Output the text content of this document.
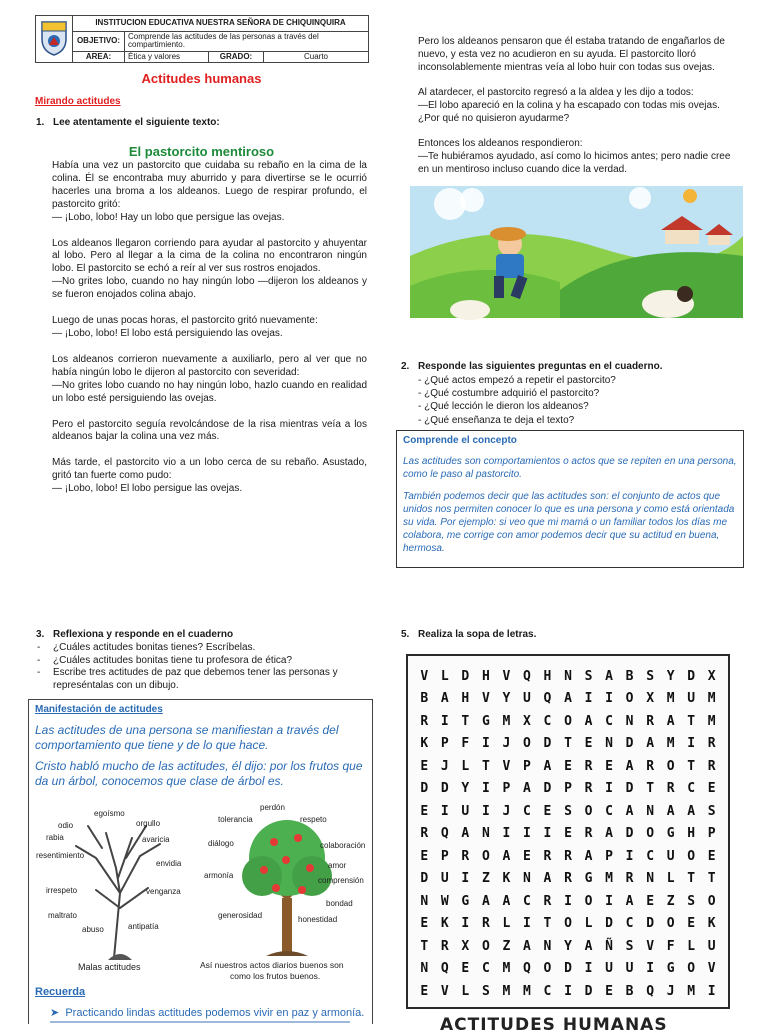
	INSTITUCION EDUCATIVA NUESTRA SEÑORA DE CHIQUINQUIRA			
	OBJETIVO:	Comprende las actitudes de las personas a través del compartimiento.		
	AREA:	Ética y valores	GRADO:	Cuarto
Actitudes humanas
Mirando actitudes
1. Lee atentamente el siguiente texto:
El pastorcito mentiroso

Había una vez un pastorcito que cuidaba su rebaño en la cima de la colina. Él se encontraba muy aburrido y para divertirse se le ocurrió hacerles una broma a los aldeanos. Luego de respirar profundo, el pastorcito gritó:
— ¡Lobo, lobo! Hay un lobo que persigue las ovejas.

Los aldeanos llegaron corriendo para ayudar al pastorcito y ahuyentar al lobo. Pero al llegar a la cima de la colina no encontraron ningún lobo. El pastorcito se echó a reír al ver sus rostros enojados.
—No grites lobo, cuando no hay ningún lobo —dijeron los aldeanos y se fueron enojados colina abajo.

Luego de unas pocas horas, el pastorcito gritó nuevamente:
— ¡Lobo, lobo! El lobo está persiguiendo las ovejas.

Los aldeanos corrieron nuevamente a auxiliarlo, pero al ver que no había ningún lobo le dijeron al pastorcito con severidad:
—No grites lobo cuando no hay ningún lobo, hazlo cuando en realidad un lobo esté persiguiendo las ovejas.

Pero el pastorcito seguía revolcándose de la risa mientras veía a los aldeanos bajar la colina una vez más.

Más tarde, el pastorcito vio a un lobo cerca de su rebaño. Asustado, gritó tan fuerte como pudo:
— ¡Lobo, lobo! El lobo persigue las ovejas.

Pero los aldeanos pensaron que él estaba tratando de engañarlos de nuevo, y esta vez no acudieron en su ayuda. El pastorcito lloró inconsolablemente mientras veía al lobo huir con todas sus ovejas.

Al atardecer, el pastorcito regresó a la aldea y les dijo a todos:
—El lobo apareció en la colina y ha escapado con todas mis ovejas. ¿Por qué no quisieron ayudarme?

Entonces los aldeanos respondieron:
—Te hubiéramos ayudado, así como lo hicimos antes; pero nadie cree en un mentiroso incluso cuando dice la verdad.

2. Responde las siguientes preguntas en el cuaderno.
- ¿Qué actos empezó a repetir el pastorcito?
- ¿Qué costumbre adquirió el pastorcito?
- ¿Qué lección le dieron los aldeanos?
- ¿Qué enseñanza te deja el texto?
Comprende el concepto
Las actitudes son comportamientos o actos que se repiten en una persona, como le paso al pastorcito.
También podemos decir que las actitudes son: el conjunto de actos que unidos nos permiten conocer lo que es una persona y como está orientada su vida. Por ejemplo: si veo que mi mamá o un familiar todos los días me colabora, me corrige con amor podemos decir que su actitud en buena, hermosa.
3. Reflexiona y responde en el cuaderno
- ¿Cuáles actitudes bonitas tienes? Escríbelas.
- ¿Cuáles actitudes bonitas tiene tu profesora de ética?
- Escribe tres actitudes de paz que debemos tener las personas y represéntalas con un dibujo.
Manifestación de actitudes
Las actitudes de una persona se manifiestan a través del comportamiento que tiene y de lo que hace.
Cristo habló mucho de las actitudes, él dijo: por los frutos que da un árbol, conocemos que clase de árbol es.
egoísmo
odio	orgullo
rabia	avaricia
resentimiento
envidia
irrespeto	venganza
maltrato
abuso	antipatía
Malas actitudes
perdón
tolerancia	respeto
diálogo	colaboración
amor
armonía
comprensión
bondad
generosidad	honestidad
Así nuestros actos diarios buenos son
como los frutos buenos.
Recuerda
➤  Practicando lindas actitudes podemos vivir en paz y armonía.
5. Realiza la sopa de letras.
V L D H V Q H N S A B S Y D X
B A H V Y U Q A I I O X M U M
R I T G M X C O A C N R A T M
K P F I J O D T E N D A M I R
E J L T V P A E R E A R O T R
D D Y I P A D P R I D T R C E
E I U I J C E S O C A N A A S
R Q A N I I I E R A D O G H P
E P R O A E R R A P I C U O E
D U I Z K N A R G M R N L T T
N W G A A C R I O I A E Z S O
E K I R L I T O L D C D O E K
T R X O Z A N Y A Ñ S V F L U
N Q E C M Q O D I U U I G O V
E V L S M M C I D E B Q J M I
ACTITUDES HUMANAS
